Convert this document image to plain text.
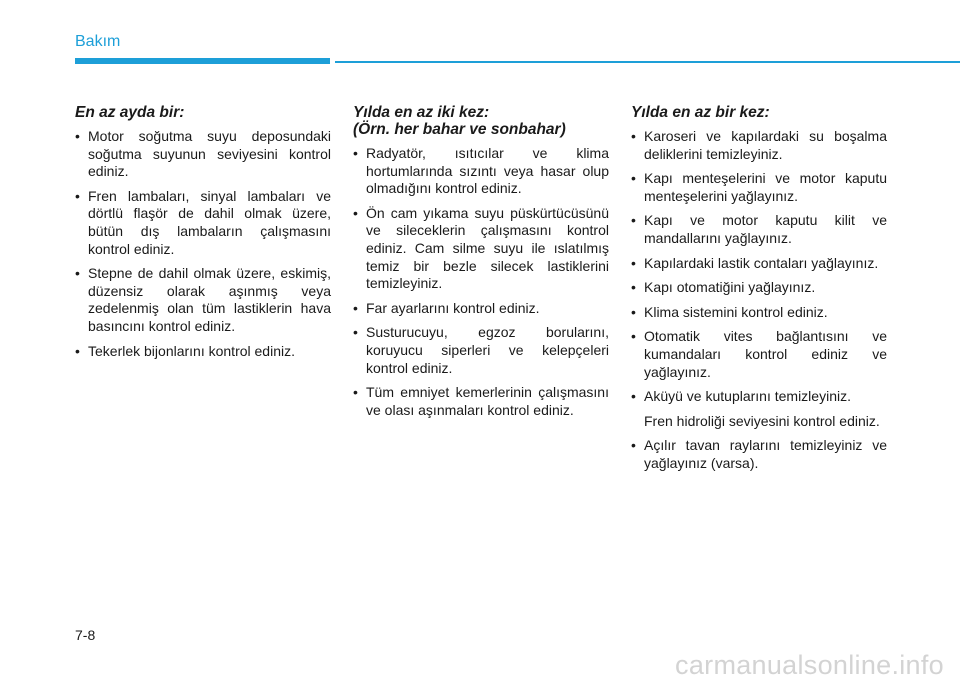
Bakım
En az ayda bir:
• Motor soğutma suyu deposundaki soğutma suyunun seviyesini kontrol ediniz.
• Fren lambaları, sinyal lambaları ve dörtlü flaşör de dahil olmak üzere, bütün dış lambaların çalışmasını kontrol ediniz.
• Stepne de dahil olmak üzere, eskimiş, düzensiz olarak aşınmış veya zedelenmiş olan tüm lastiklerin hava basıncını kontrol ediniz.
• Tekerlek bijonlarını kontrol ediniz.
Yılda en az iki kez:
(Örn. her bahar ve sonbahar)
• Radyatör, ısıtıcılar ve klima hortumlarında sızıntı veya hasar olup olmadığını kontrol ediniz.
• Ön cam yıkama suyu püskürtücüsünü ve sileceklerin çalışmasını kontrol ediniz. Cam silme suyu ile ıslatılmış temiz bir bezle silecek lastiklerini temizleyiniz.
• Far ayarlarını kontrol ediniz.
• Susturucuyu, egzoz borularını, koruyucu siperleri ve kelepçeleri kontrol ediniz.
• Tüm emniyet kemerlerinin çalışmasını ve olası aşınmaları kontrol ediniz.
Yılda en az bir kez:
• Karoseri ve kapılardaki su boşalma deliklerini temizleyiniz.
• Kapı menteşelerini ve motor kaputu menteşelerini yağlayınız.
• Kapı ve motor kaputu kilit ve mandallarını yağlayınız.
• Kapılardaki lastik contaları yağlayınız.
• Kapı otomatiğini yağlayınız.
• Klima sistemini kontrol ediniz.
• Otomatik vites bağlantısını ve kumandaları kontrol ediniz ve yağlayınız.
• Aküyü ve kutuplarını temizleyiniz.
Fren hidroliği seviyesini kontrol ediniz.
• Açılır tavan raylarını temizleyiniz ve yağlayınız (varsa).
7-8
carmanualsonline.info
